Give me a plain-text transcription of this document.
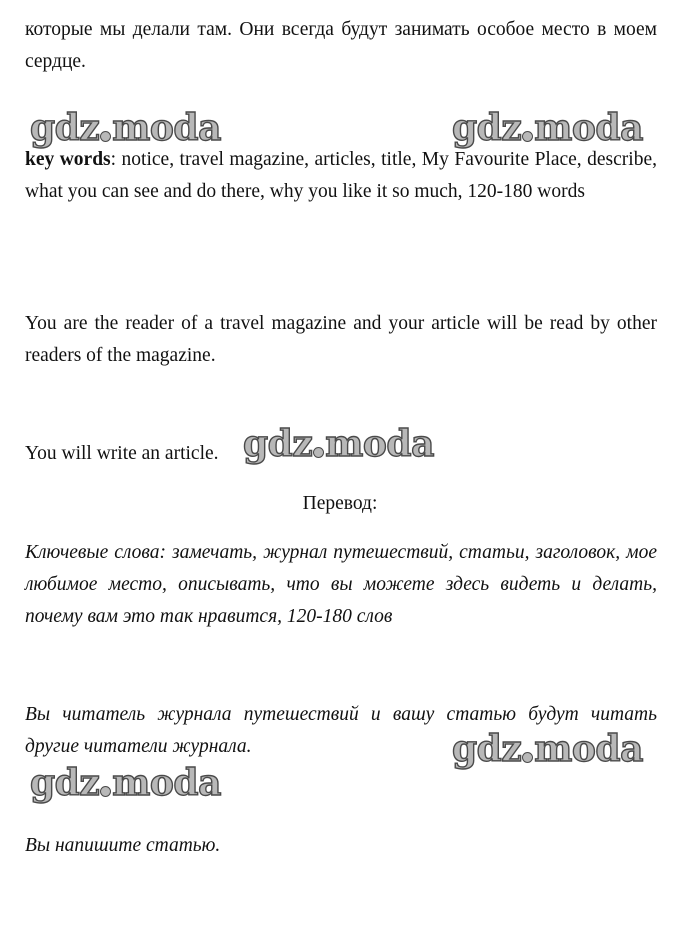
которые мы делали там. Они всегда будут занимать особое место в моем сердце.

key words: notice, travel magazine, articles, title, My Favourite Place, describe, what you can see and do there, why you like it so much, 120-180 words

You are the reader of a travel magazine and your article will be read by other readers of the magazine.

You will write an article.

Перевод:

Ключевые слова: замечать, журнал путешествий, статьи, заголовок, мое любимое место, описывать, что вы можете здесь видеть и делать, почему вам это так нравится, 120-180 слов

Вы читатель журнала путешествий и вашу статью будут читать другие читатели журнала.

Вы напишите статью.

gdz moda	gdz moda
gdz moda
gdz moda
gdz moda
